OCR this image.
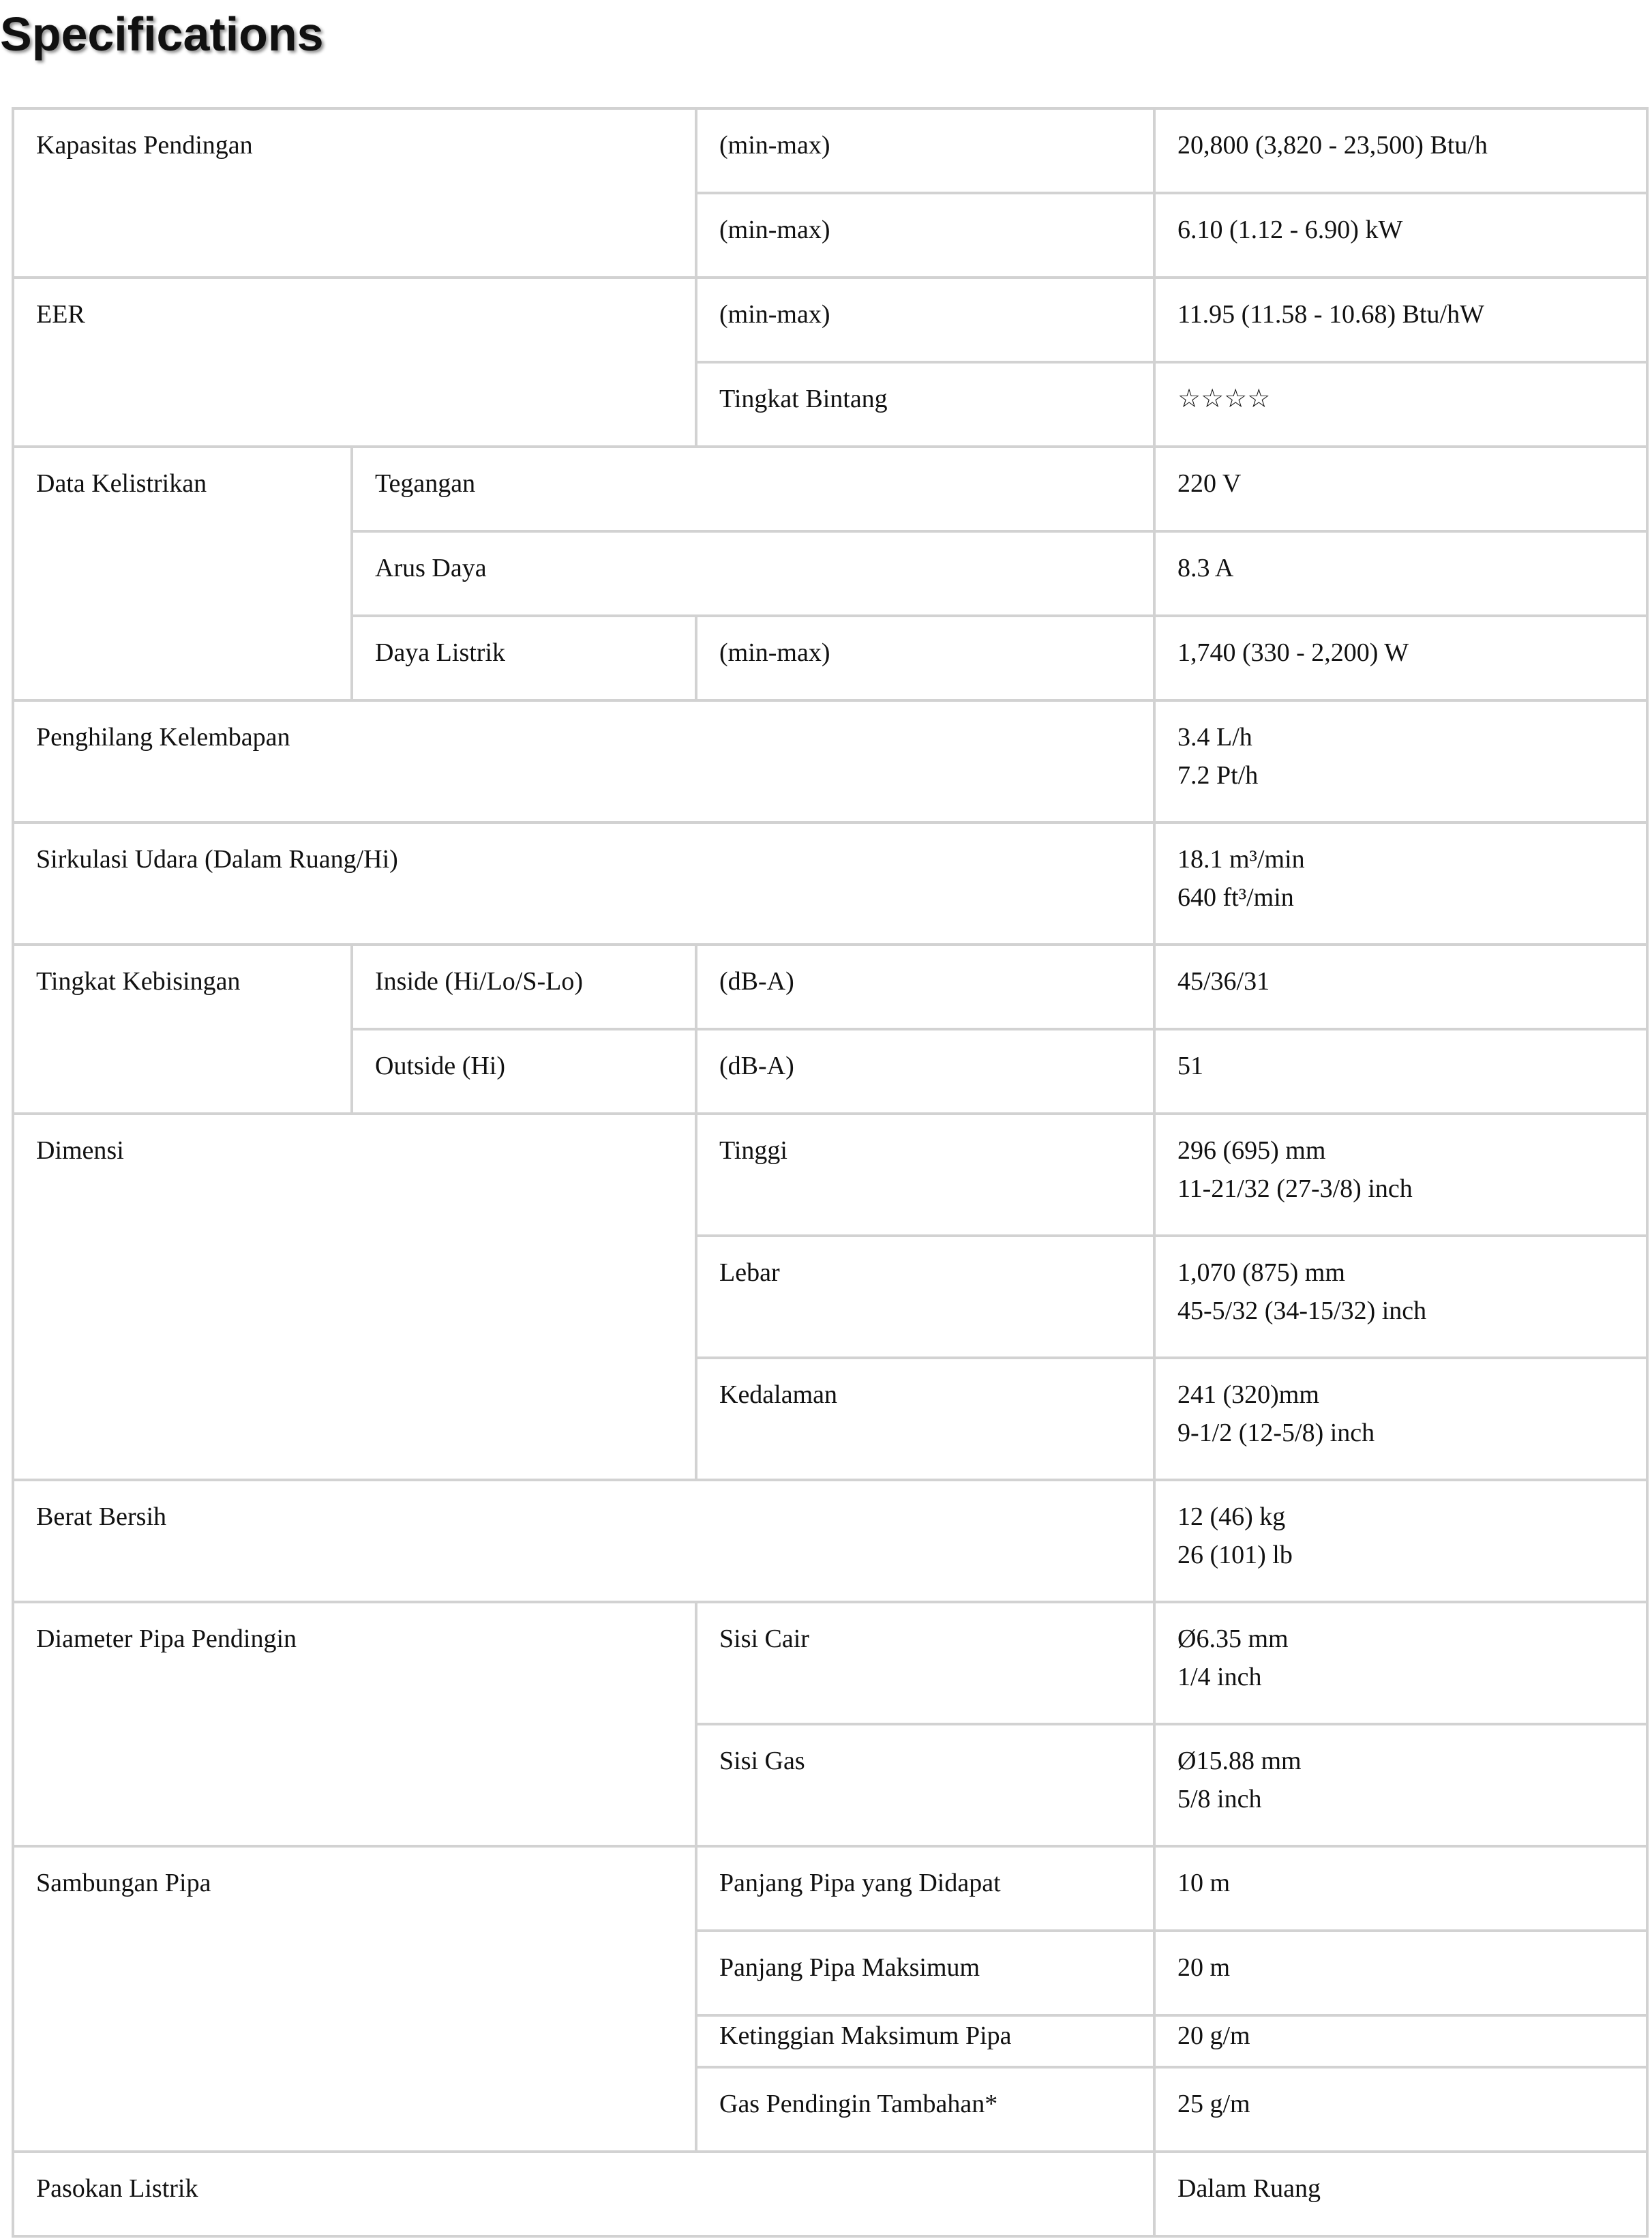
Specifications
Kapasitas Pendingan		(min-max)	20,800 (3,820 - 23,500) Btu/h
		(min-max)	6.10 (1.12 - 6.90) kW
EER		(min-max)	11.95 (11.58 - 10.68) Btu/hW
		Tingkat Bintang	☆☆☆☆
Data Kelistrikan	Tegangan		220 V
	Arus Daya		8.3 A
	Daya Listrik	(min-max)	1,740 (330 - 2,200) W
Penghilang Kelembapan			3.4 L/h
7.2 Pt/h

Sirkulasi Udara (Dalam Ruang/Hi)			18.1 m³/min
640 ft³/min

Tingkat Kebisingan	Inside (Hi/Lo/S-Lo)	(dB-A)	45/36/31
	Outside (Hi)	(dB-A)	51
Dimensi		Tinggi	296 (695) mm
11-21/32 (27-3/8) inch

		Lebar	1,070 (875) mm
45-5/32 (34-15/32) inch

		Kedalaman	241 (320)mm
9-1/2 (12-5/8) inch

Berat Bersih			12 (46) kg
26 (101) lb

Diameter Pipa Pendingin		Sisi Cair	Ø6.35 mm
1/4 inch

		Sisi Gas	Ø15.88 mm
5/8 inch

Sambungan Pipa		Panjang Pipa yang Didapat	10 m
		Panjang Pipa Maksimum	20 m
		Ketinggian Maksimum Pipa	20 g/m
		Gas Pendingin Tambahan*	25 g/m
Pasokan Listrik			Dalam Ruang
